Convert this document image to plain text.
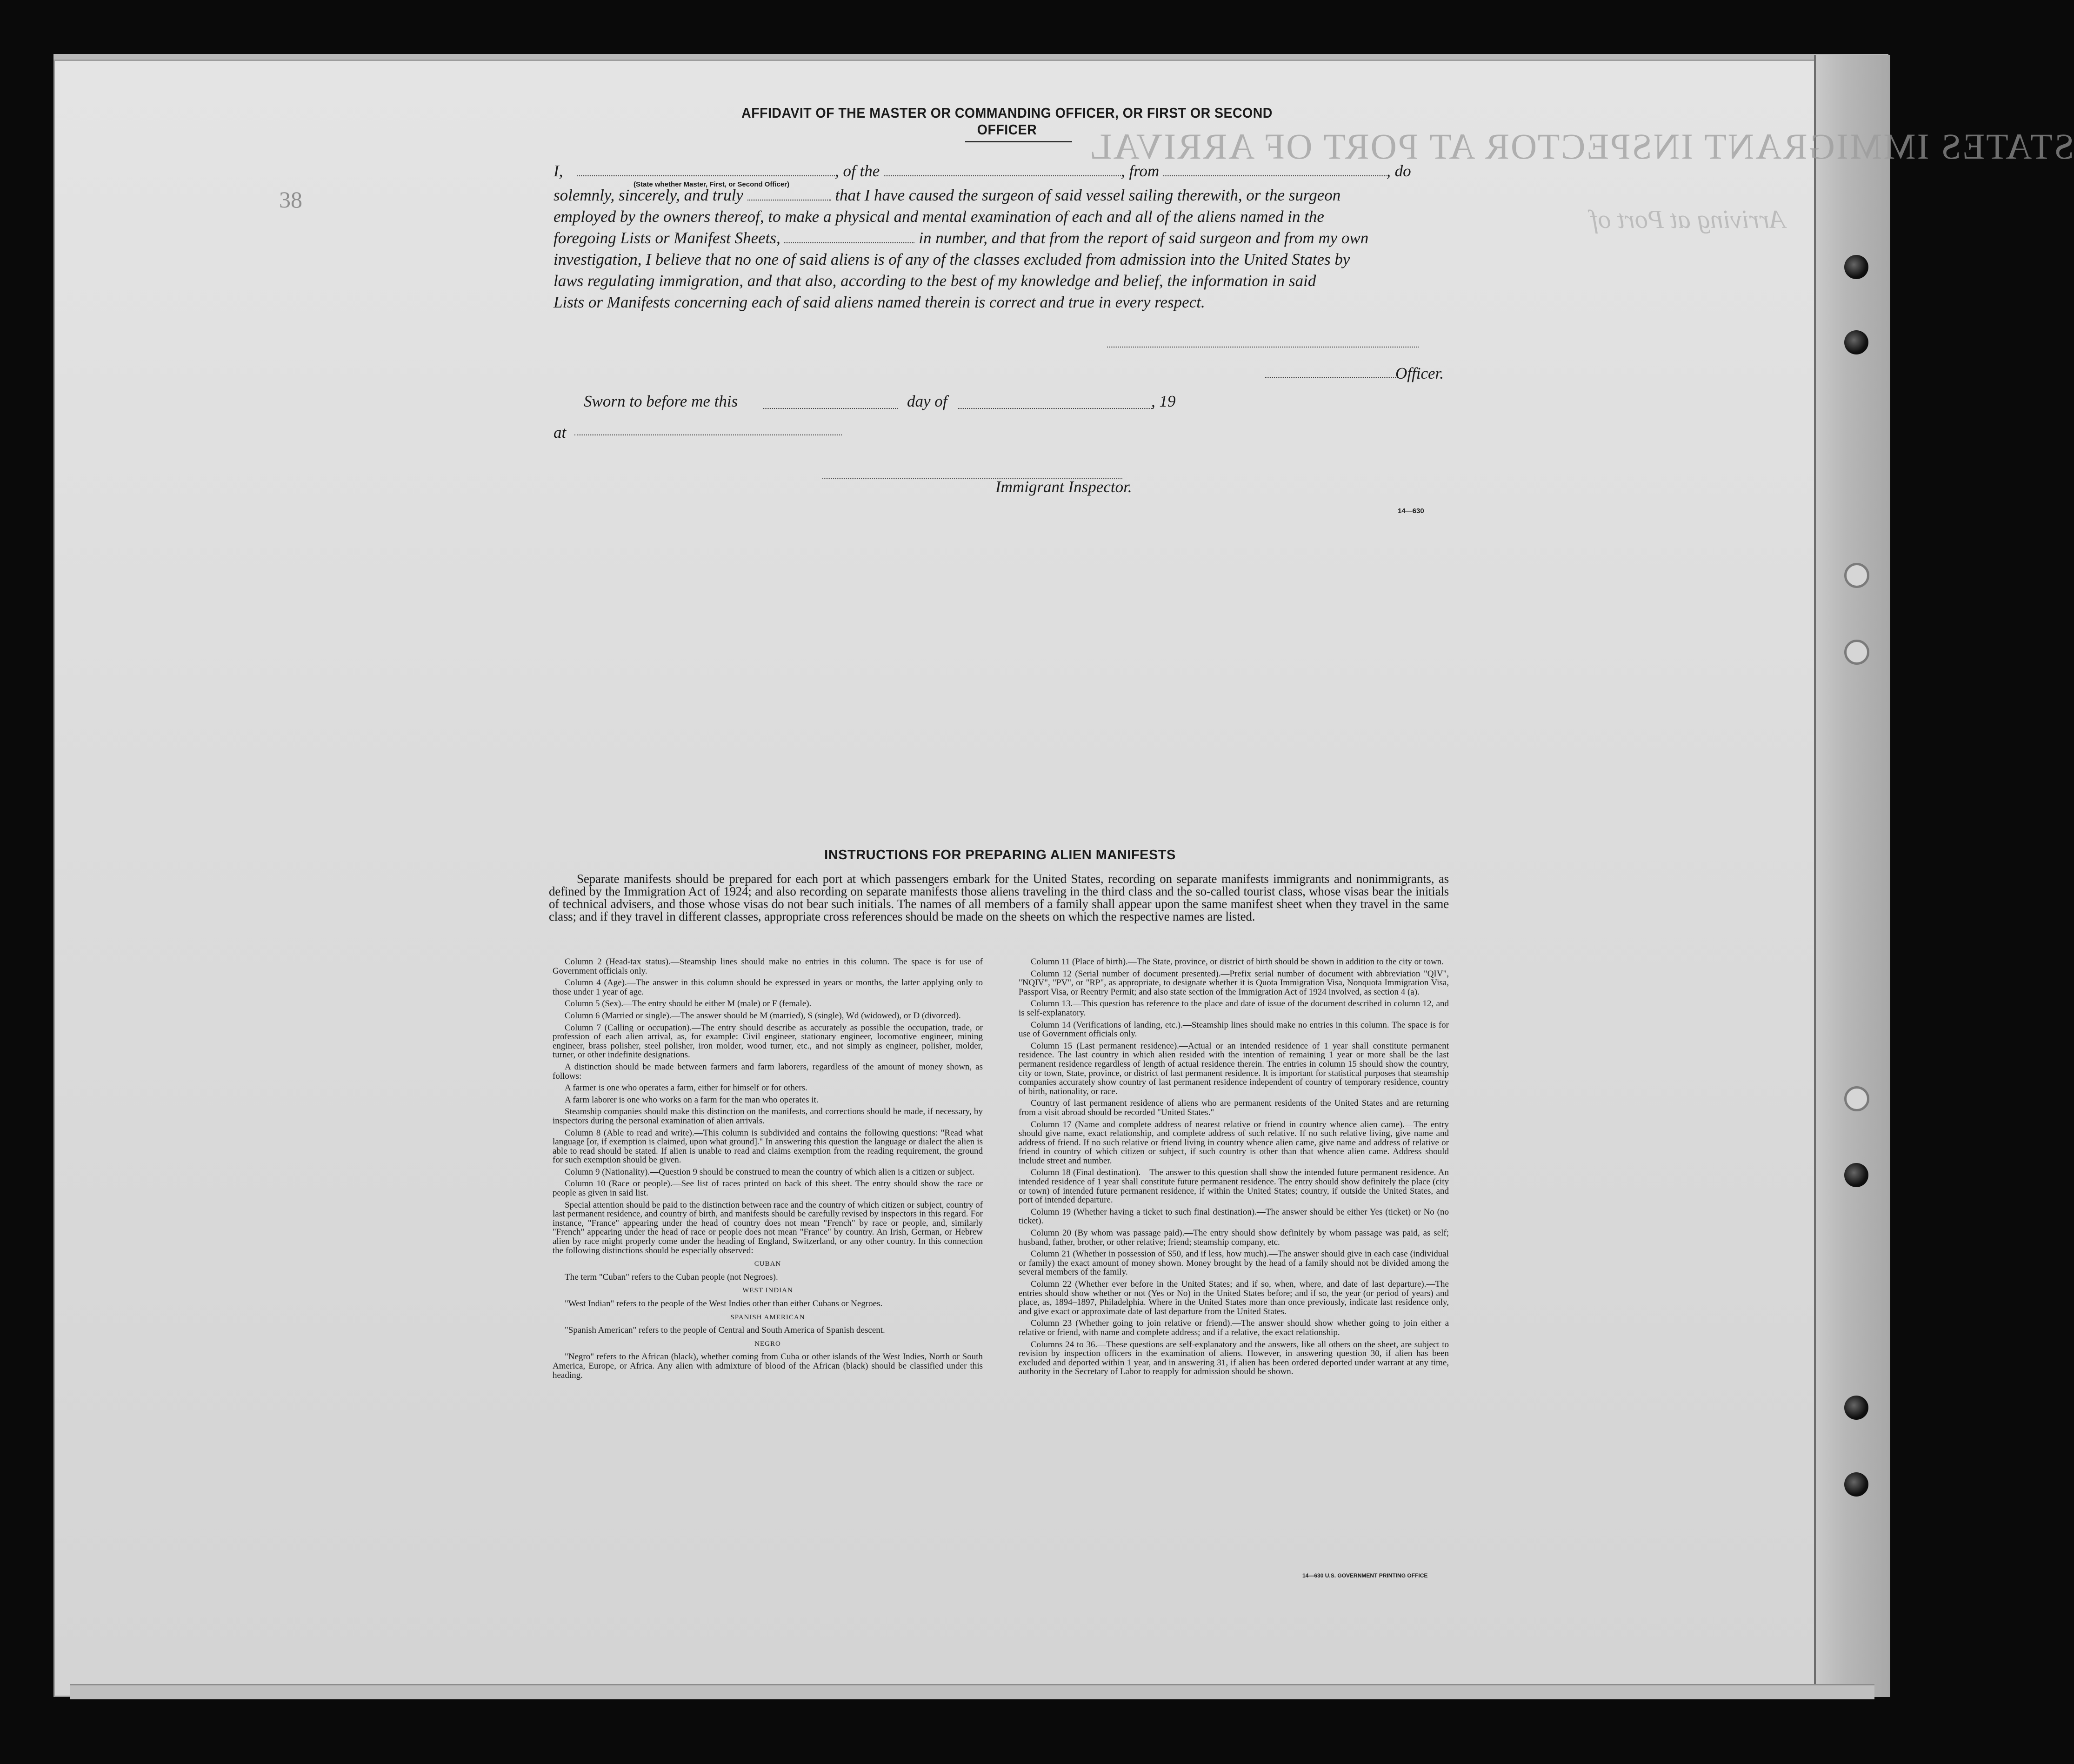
STATES IMMIGRANT INSPECTOR AT PORT OF ARRIVAL
Arriving at Port of
38
AFFIDAVIT OF THE MASTER OR COMMANDING OFFICER, OR FIRST OR SECOND OFFICER
I,	, of the	, from	, do
(State whether Master, First, or Second Officer)
solemnly, sincerely, and truly	that I have caused the surgeon of said vessel sailing therewith, or the surgeon
employed by the owners thereof, to make a physical and mental examination of each and all of the aliens named in the
foregoing Lists or Manifest Sheets,	in number, and that from the report of said surgeon and from my own
investigation, I believe that no one of said aliens is of any of the classes excluded from admission into the United States by
laws regulating immigration, and that also, according to the best of my knowledge and belief, the information in said
Lists or Manifests concerning each of said aliens named therein is correct and true in every respect.
Officer.
Sworn to before me this	day of	, 19
at
Immigrant Inspector.
14—630
INSTRUCTIONS FOR PREPARING ALIEN MANIFESTS
Separate manifests should be prepared for each port at which passengers embark for the United States, recording on separate manifests immigrants and nonimmigrants, as defined by the Immigration Act of 1924; and also recording on separate manifests those aliens traveling in the third class and the so-called tourist class, whose visas bear the initials of technical advisers, and those whose visas do not bear such initials. The names of all members of a family shall appear upon the same manifest sheet when they travel in the same class; and if they travel in different classes, appropriate cross references should be made on the sheets on which the respective names are listed.

Column 2 (Head-tax status).—Steamship lines should make no entries in this column. The space is for use of Government officials only.

Column 4 (Age).—The answer in this column should be expressed in years or months, the latter applying only to those under 1 year of age.

Column 5 (Sex).—The entry should be either M (male) or F (female).

Column 6 (Married or single).—The answer should be M (married), S (single), Wd (widowed), or D (divorced).

Column 7 (Calling or occupation).—The entry should describe as accurately as possible the occupation, trade, or profession of each alien arrival, as, for example: Civil engineer, stationary engineer, locomotive engineer, mining engineer, brass polisher, steel polisher, iron molder, wood turner, etc., and not simply as engineer, polisher, molder, turner, or other indefinite designations.

A distinction should be made between farmers and farm laborers, regardless of the amount of money shown, as follows:

A farmer is one who operates a farm, either for himself or for others.

A farm laborer is one who works on a farm for the man who operates it.

Steamship companies should make this distinction on the manifests, and corrections should be made, if necessary, by inspectors during the personal examination of alien arrivals.

Column 8 (Able to read and write).—This column is subdivided and contains the following questions: "Read what language [or, if exemption is claimed, upon what ground]." In answering this question the language or dialect the alien is able to read should be stated. If alien is unable to read and claims exemption from the reading requirement, the ground for such exemption should be given.

Column 9 (Nationality).—Question 9 should be construed to mean the country of which alien is a citizen or subject.

Column 10 (Race or people).—See list of races printed on back of this sheet. The entry should show the race or people as given in said list.

Special attention should be paid to the distinction between race and the country of which citizen or subject, country of last permanent residence, and country of birth, and manifests should be carefully revised by inspectors in this regard. For instance, "France" appearing under the head of country does not mean "French" by race or people, and, similarly "French" appearing under the head of race or people does not mean "France" by country. An Irish, German, or Hebrew alien by race might properly come under the heading of England, Switzerland, or any other country. In this connection the following distinctions should be especially observed:

CUBAN

The term "Cuban" refers to the Cuban people (not Negroes).

WEST INDIAN

"West Indian" refers to the people of the West Indies other than either Cubans or Negroes.

SPANISH AMERICAN

"Spanish American" refers to the people of Central and South America of Spanish descent.

NEGRO

"Negro" refers to the African (black), whether coming from Cuba or other islands of the West Indies, North or South America, Europe, or Africa. Any alien with admixture of blood of the African (black) should be classified under this heading.

Column 11 (Place of birth).—The State, province, or district of birth should be shown in addition to the city or town.

Column 12 (Serial number of document presented).—Prefix serial number of document with abbreviation "QIV", "NQIV", "PV", or "RP", as appropriate, to designate whether it is Quota Immigration Visa, Nonquota Immigration Visa, Passport Visa, or Reentry Permit; and also state section of the Immigration Act of 1924 involved, as section 4 (a).

Column 13.—This question has reference to the place and date of issue of the document described in column 12, and is self-explanatory.

Column 14 (Verifications of landing, etc.).—Steamship lines should make no entries in this column. The space is for use of Government officials only.

Column 15 (Last permanent residence).—Actual or an intended residence of 1 year shall constitute permanent residence. The last country in which alien resided with the intention of remaining 1 year or more shall be the last permanent residence regardless of length of actual residence therein. The entries in column 15 should show the country, city or town, State, province, or district of last permanent residence. It is important for statistical purposes that steamship companies accurately show country of last permanent residence independent of country of temporary residence, country of birth, nationality, or race.

Country of last permanent residence of aliens who are permanent residents of the United States and are returning from a visit abroad should be recorded "United States."

Column 17 (Name and complete address of nearest relative or friend in country whence alien came).—The entry should give name, exact relationship, and complete address of such relative. If no such relative living, give name and address of friend. If no such relative or friend living in country whence alien came, give name and address of relative or friend in country of which citizen or subject, if such country is other than that whence alien came. Address should include street and number.

Column 18 (Final destination).—The answer to this question shall show the intended future permanent residence. An intended residence of 1 year shall constitute future permanent residence. The entry should show definitely the place (city or town) of intended future permanent residence, if within the United States; country, if outside the United States, and port of intended departure.

Column 19 (Whether having a ticket to such final destination).—The answer should be either Yes (ticket) or No (no ticket).

Column 20 (By whom was passage paid).—The entry should show definitely by whom passage was paid, as self; husband, father, brother, or other relative; friend; steamship company, etc.

Column 21 (Whether in possession of $50, and if less, how much).—The answer should give in each case (individual or family) the exact amount of money shown. Money brought by the head of a family should not be divided among the several members of the family.

Column 22 (Whether ever before in the United States; and if so, when, where, and date of last departure).—The entries should show whether or not (Yes or No) in the United States before; and if so, the year (or period of years) and place, as, 1894–1897, Philadelphia. Where in the United States more than once previously, indicate last residence only, and give exact or approximate date of last departure from the United States.

Column 23 (Whether going to join relative or friend).—The answer should show whether going to join either a relative or friend, with name and complete address; and if a relative, the exact relationship.

Columns 24 to 36.—These questions are self-explanatory and the answers, like all others on the sheet, are subject to revision by inspection officers in the examination of aliens. However, in answering question 30, if alien has been excluded and deported within 1 year, and in answering 31, if alien has been ordered deported under warrant at any time, authority in the Secretary of Labor to reapply for admission should be shown.

14—630 U.S. GOVERNMENT PRINTING OFFICE
